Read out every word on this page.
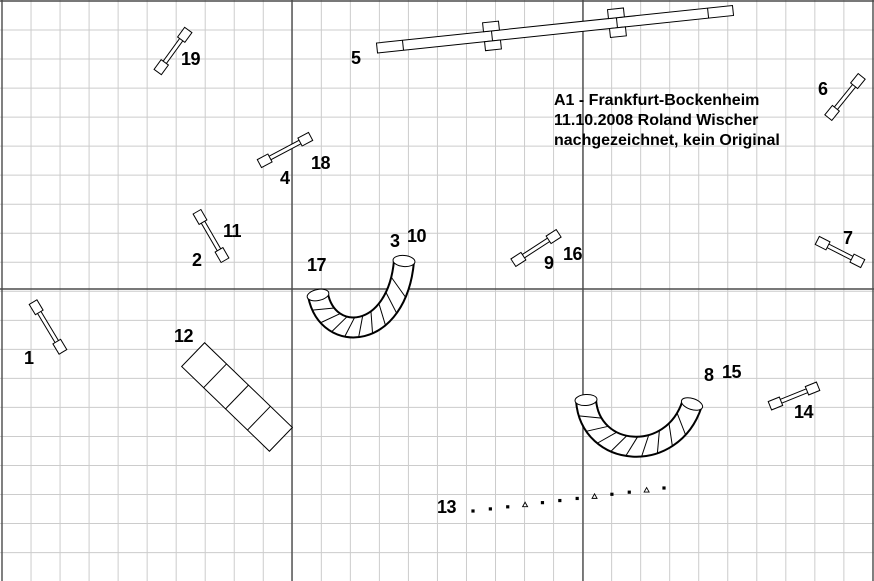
1
2
11
4
18
19	5
6
7
9 16
17
3 10
8 15
12
14
13
A1 - Frankfurt-Bockenheim
11.10.2008 Roland Wischer
nachgezeichnet, kein Original
